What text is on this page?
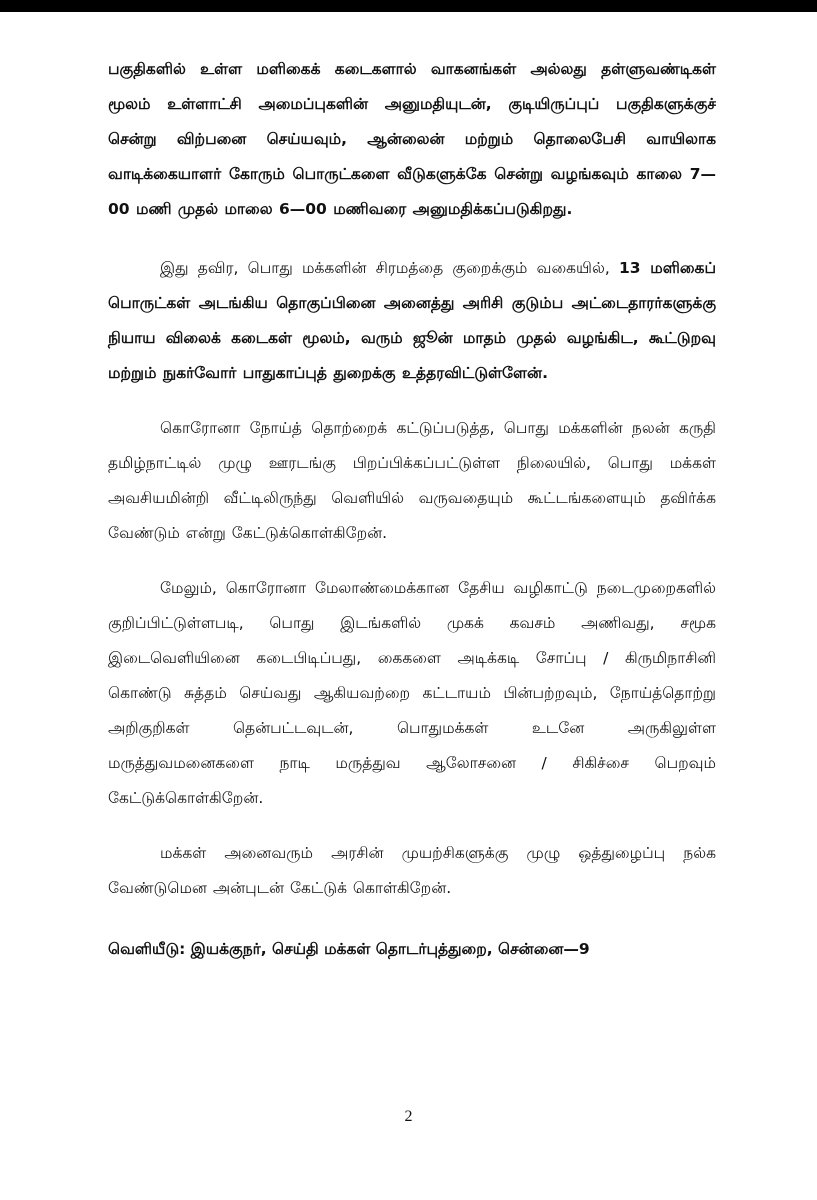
பகுதிகளில் உள்ள மளிகைக் கடைகளால் வாகனங்கள் அல்லது தள்ளுவண்டிகள் மூலம் உள்ளாட்சி அமைப்புகளின் அனுமதியுடன், குடியிருப்புப் பகுதிகளுக்குச் சென்று விற்பனை செய்யவும், ஆன்லைன் மற்றும் தொலைபேசி வாயிலாக வாடிக்கையாளர் கோரும் பொருட்களை வீடுகளுக்கே சென்று வழங்கவும் காலை 7—00 மணி முதல் மாலை 6—00 மணிவரை அனுமதிக்கப்படுகிறது.

இது தவிர, பொது மக்களின் சிரமத்தை குறைக்கும் வகையில், 13 மளிகைப் பொருட்கள் அடங்கிய தொகுப்பினை அனைத்து அரிசி குடும்ப அட்டைதாரர்களுக்கு நியாய விலைக் கடைகள் மூலம், வரும் ஜூன் மாதம் முதல் வழங்கிட, கூட்டுறவு மற்றும் நுகர்வோர் பாதுகாப்புத் துறைக்கு உத்தரவிட்டுள்ளேன்.

கொரோனா நோய்த் தொற்றைக் கட்டுப்படுத்த, பொது மக்களின் நலன் கருதி தமிழ்நாட்டில் முழு ஊரடங்கு பிறப்பிக்கப்பட்டுள்ள நிலையில், பொது மக்கள் அவசியமின்றி வீட்டிலிருந்து வெளியில் வருவதையும் கூட்டங்களையும் தவிர்க்க வேண்டும் என்று கேட்டுக்கொள்கிறேன்.

மேலும், கொரோனா மேலாண்மைக்கான தேசிய வழிகாட்டு நடைமுறைகளில் குறிப்பிட்டுள்ளபடி, பொது இடங்களில் முகக் கவசம் அணிவது, சமூக இடைவெளியினை கடைபிடிப்பது, கைகளை அடிக்கடி சோப்பு / கிருமிநாசினி கொண்டு சுத்தம் செய்வது ஆகியவற்றை கட்டாயம் பின்பற்றவும், நோய்த்தொற்று அறிகுறிகள் தென்பட்டவுடன், பொதுமக்கள் உடனே அருகிலுள்ள மருத்துவமனைகளை நாடி மருத்துவ ஆலோசனை / சிகிச்சை பெறவும் கேட்டுக்கொள்கிறேன்.

மக்கள் அனைவரும் அரசின் முயற்சிகளுக்கு முழு ஒத்துழைப்பு நல்க வேண்டுமென அன்புடன் கேட்டுக் கொள்கிறேன்.

வெளியீடு: இயக்குநர், செய்தி மக்கள் தொடர்புத்துறை, சென்னை—9
2
